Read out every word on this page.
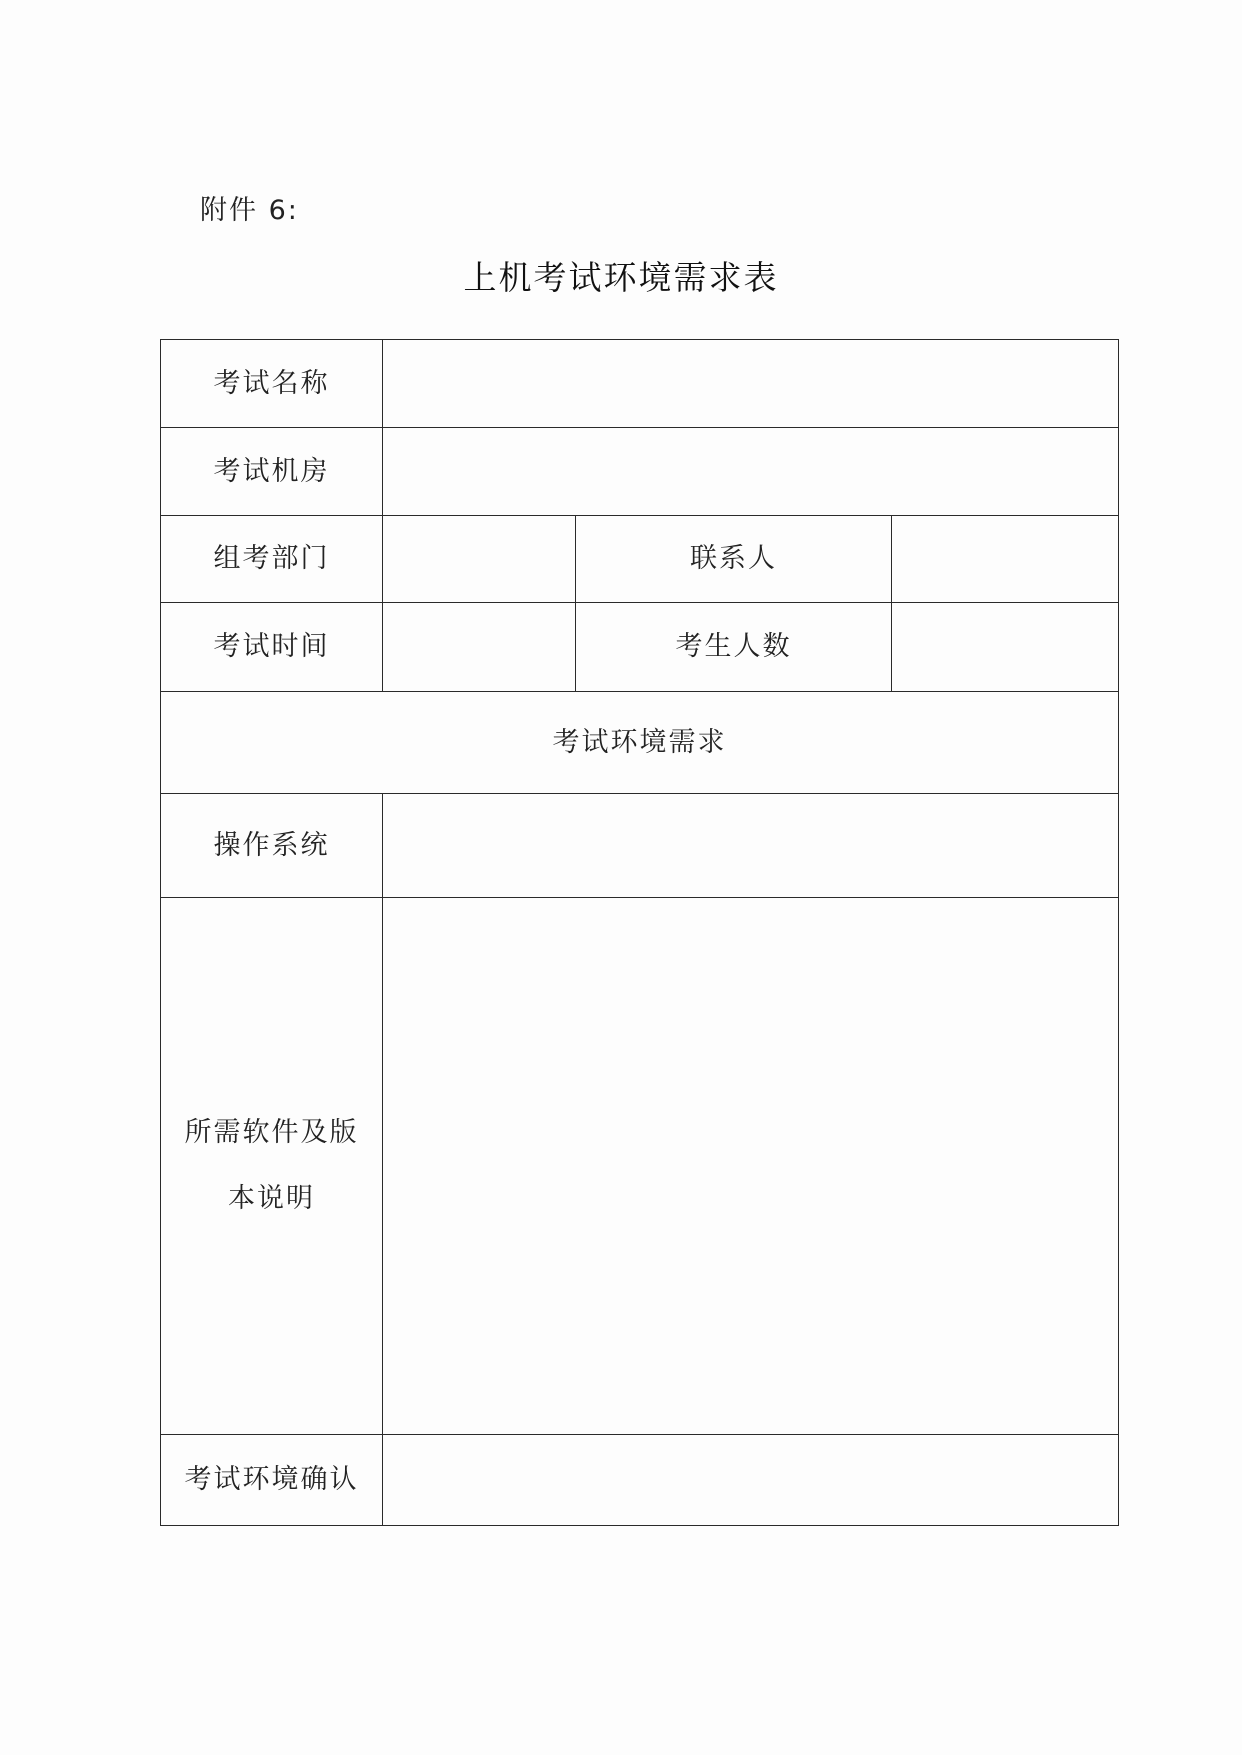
附件 6:
上机考试环境需求表
考试名称			
考试机房			
组考部门		联系人	
考试时间		考生人数	
考试环境需求			
操作系统			
所需软件及版本说明			
考试环境确认			
